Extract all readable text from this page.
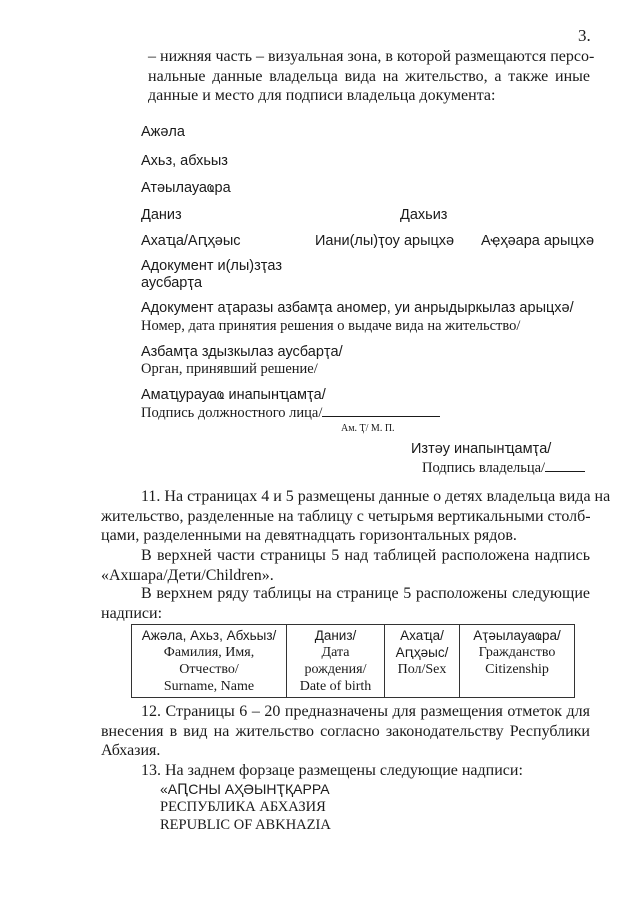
3.
– нижняя часть – визуальная зона, в которой размещаются персо-
нальные данные владельца вида на жительство, а также иные
данные и место для подписи владельца документа:
Ажәла
Ахьз, абхьыз
Атәылауаҩра
Даниз	Дахьиз
Ахаҵа/Аԥҳәыс	Иани(лы)ҭоу арыцхә Аҿҳәара арыцхә
Адокумент и(лы)зҭаз
аусбарҭа
Адокумент аҭаразы азбамҭа аномер, уи анрыдыркылаз арыцхә/
Номер, дата принятия решения о выдаче вида на жительство/
Азбамҭа здызкылаз аусбарҭа/
Орган, принявший решение/
Амаҵурауаҩ инапынҵамҭа/
Подпись должностного лица/
Ам. Ҭ/ М. П.
Изтәу инапынҵамҭа/
Подпись владельца/
11. На страницах 4 и 5 размещены данные о детях владельца вида на
жительство, разделенные на таблицу с четырьмя вертикальными столб-
цами, разделенными на девятнадцать горизонтальных рядов.
В верхней части страницы 5 над таблицей расположена надпись
«Ахшара/Дети/Children».
В верхнем ряду таблицы на странице 5 расположены следующие
надписи:
Ажәла, Ахьз, Абхьыз/
Фамилия, Имя, Отчество/
Surname, Name

Даниз/
Дата рождения/
Date of birth

Ахаҵа/
Аԥҳәыс/
Пол/Sex

Аҭәылауаҩра/
Гражданство
Citizenship
12. Страницы 6 – 20 предназначены для размещения отметок для
внесения в вид на жительство согласно законодательству Республики
Абхазия.
13. На заднем форзаце размещены следующие надписи:
«АԤСНЫ АҲӘЫНҬҚАРРА
РЕСПУБЛИКА АБХАЗИЯ
REPUBLIC OF ABKHAZIA
